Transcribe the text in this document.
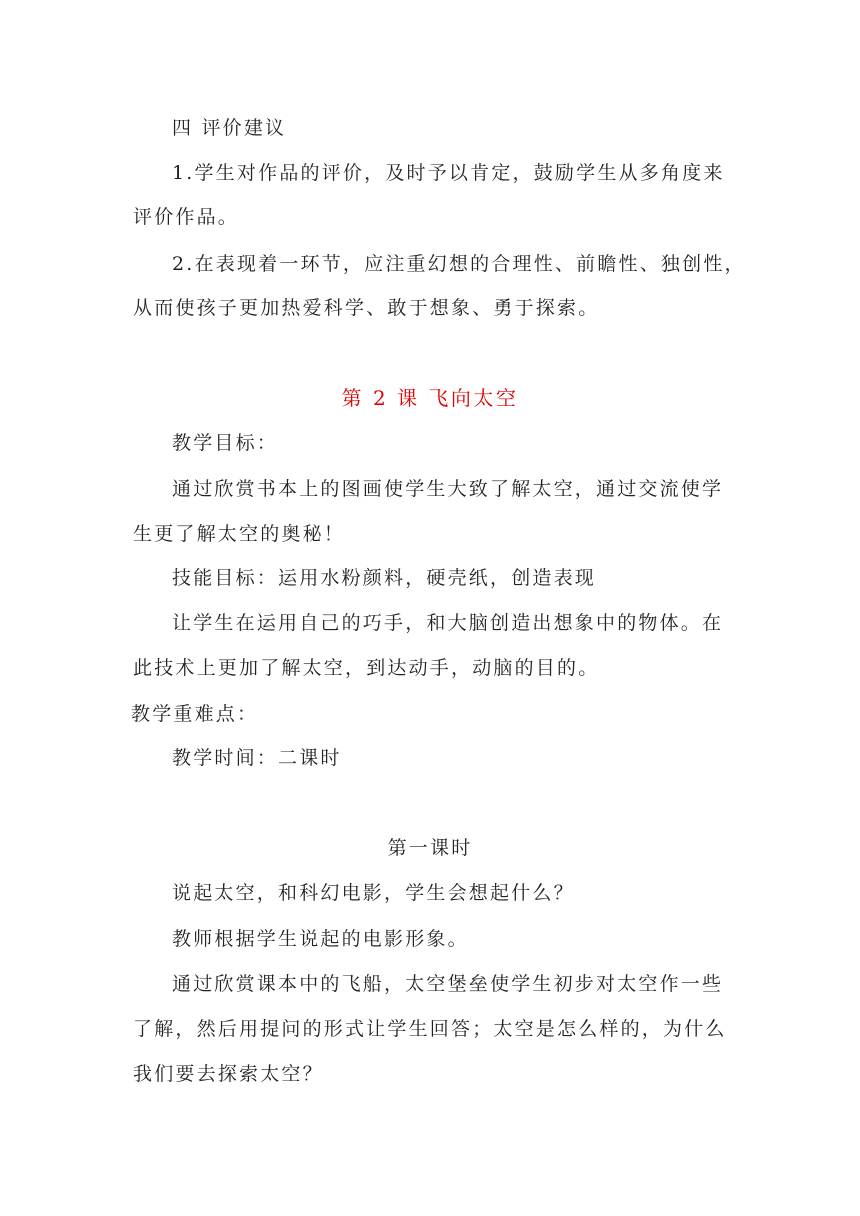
四 评价建议
1.学生对作品的评价，及时予以肯定，鼓励学生从多角度来
评价作品。
2.在表现着一环节，应注重幻想的合理性、前瞻性、独创性，
从而使孩子更加热爱科学、敢于想象、勇于探索。
第 2 课 飞向太空
教学目标：
通过欣赏书本上的图画使学生大致了解太空，通过交流使学
生更了解太空的奥秘！
技能目标：运用水粉颜料，硬壳纸，创造表现
让学生在运用自己的巧手，和大脑创造出想象中的物体。在
此技术上更加了解太空，到达动手，动脑的目的。
教学重难点：
教学时间：二课时
第一课时
说起太空，和科幻电影，学生会想起什么？
教师根据学生说起的电影形象。
通过欣赏课本中的飞船，太空堡垒使学生初步对太空作一些
了解，然后用提问的形式让学生回答；太空是怎么样的，为什么
我们要去探索太空？
